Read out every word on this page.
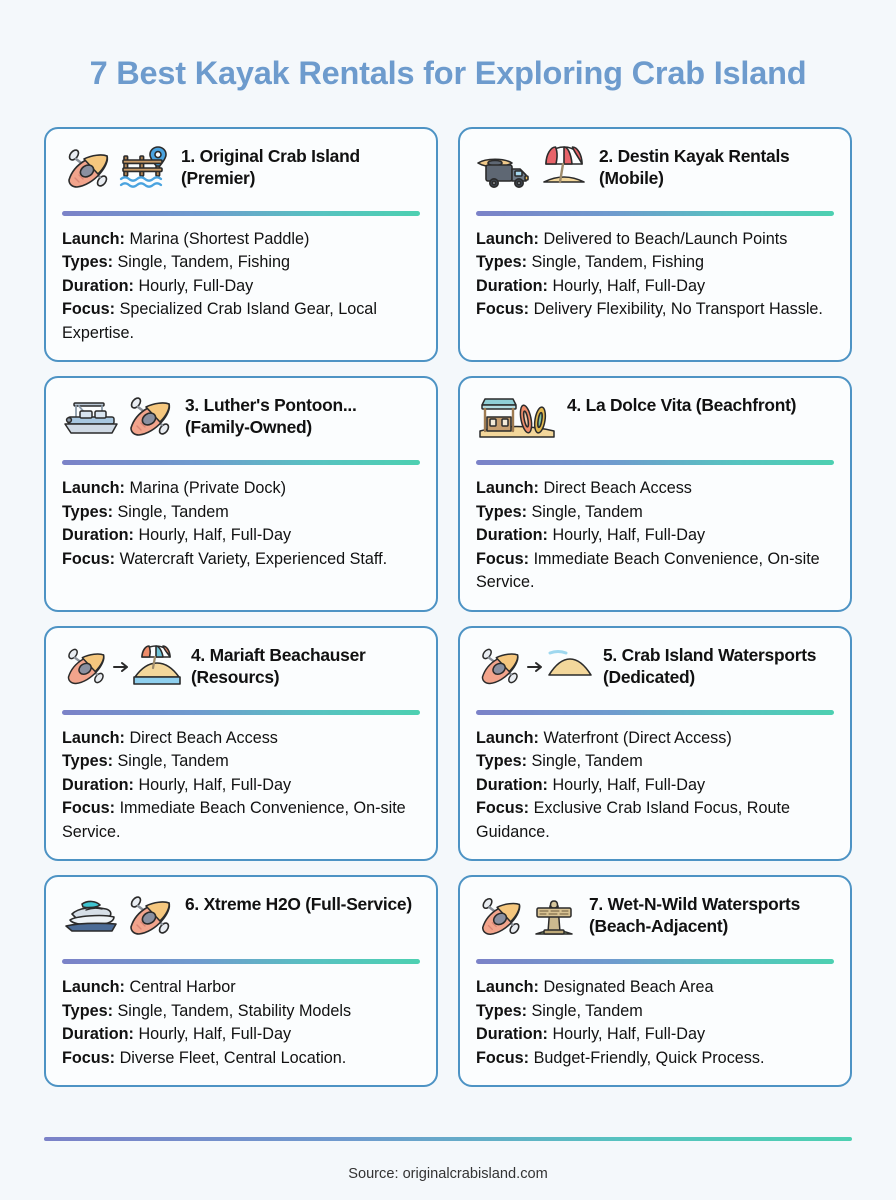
7 Best Kayak Rentals for Exploring Crab Island
1. Original Crab Island (Premier)
Launch: Marina (Shortest Paddle)
Types: Single, Tandem, Fishing
Duration: Hourly, Full-Day
Focus: Specialized Crab Island Gear, Local Expertise.
2. Destin Kayak Rentals (Mobile)
Launch: Delivered to Beach/Launch Points
Types: Single, Tandem, Fishing
Duration: Hourly, Half, Full-Day
Focus: Delivery Flexibility, No Transport Hassle.
3. Luther's Pontoon... (Family-Owned)
Launch: Marina (Private Dock)
Types: Single, Tandem
Duration: Hourly, Half, Full-Day
Focus: Watercraft Variety, Experienced Staff.
4. La Dolce Vita (Beachfront)
Launch: Direct Beach Access
Types: Single, Tandem
Duration: Hourly, Half, Full-Day
Focus: Immediate Beach Convenience, On-site Service.
4. Mariaft Beachauser (Resourcs)
Launch: Direct Beach Access
Types: Single, Tandem
Duration: Hourly, Half, Full-Day
Focus: Immediate Beach Convenience, On-site Service.
5. Crab Island Watersports (Dedicated)
Launch: Waterfront (Direct Access)
Types: Single, Tandem
Duration: Hourly, Half, Full-Day
Focus: Exclusive Crab Island Focus, Route Guidance.
6. Xtreme H2O (Full-Service)
Launch: Central Harbor
Types: Single, Tandem, Stability Models
Duration: Hourly, Half, Full-Day
Focus: Diverse Fleet, Central Location.
7. Wet-N-Wild Watersports (Beach-Adjacent)
Launch: Designated Beach Area
Types: Single, Tandem
Duration: Hourly, Half, Full-Day
Focus: Budget-Friendly, Quick Process.
Source: originalcrabisland.com
